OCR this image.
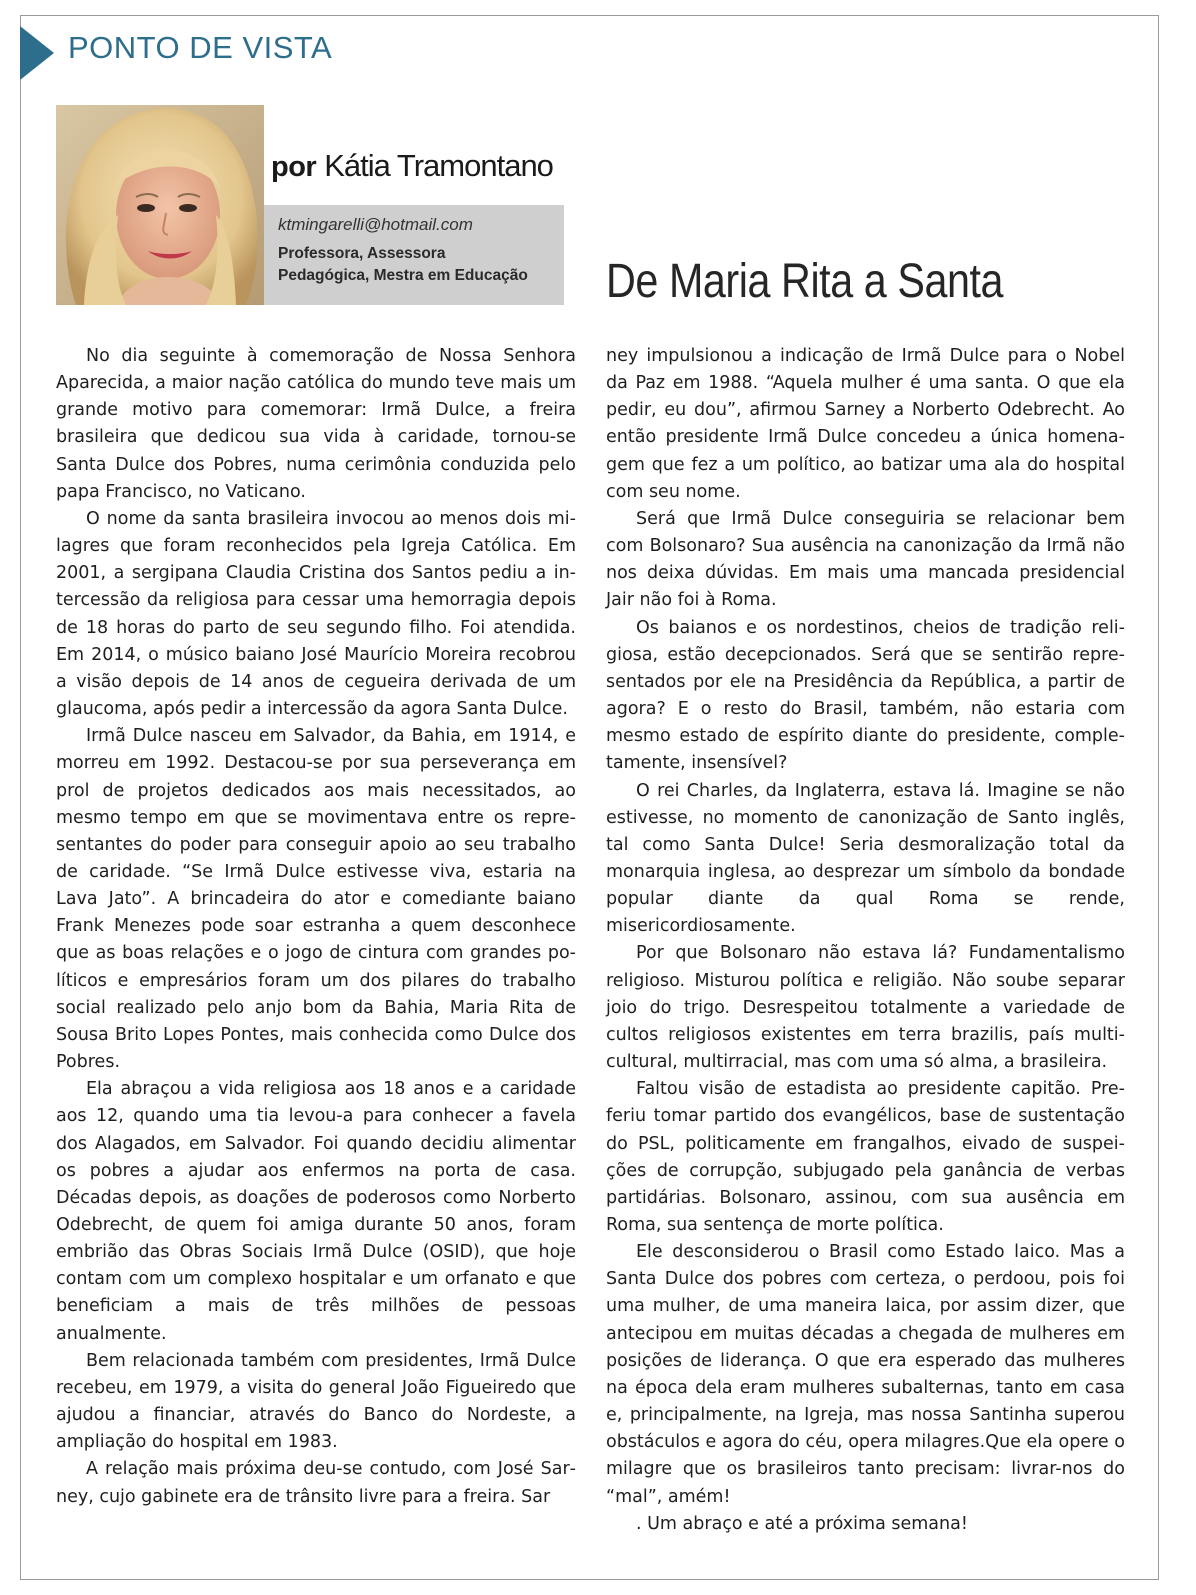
PONTO DE VISTA
por Kátia Tramontano
ktmingarelli@hotmail.com
Professora, Assessora
Pedagógica, Mestra em Educação	De Maria Rita a Santa

No dia seguinte à comemoração de Nossa Senhora Aparecida, a maior nação católica do mundo teve mais um grande motivo para comemorar: Irmã Dulce, a freira brasileira que dedicou sua vida à caridade, tornou-se Santa Dulce dos Pobres, numa cerimônia conduzida pelo papa Francisco, no Vaticano.

O nome da santa brasileira invocou ao menos dois milagres que foram reconhecidos pela Igreja Católica. Em 2001, a sergipana Claudia Cristina dos Santos pediu a intercessão da religiosa para cessar uma hemorragia depois de 18 horas do parto de seu segundo filho. Foi atendida. Em 2014, o músico baiano José Maurício Moreira recobrou a visão depois de 14 anos de cegueira derivada de um glaucoma, após pedir a intercessão da agora Santa Dulce.

Irmã Dulce nasceu em Salvador, da Bahia, em 1914, e morreu em 1992. Destacou-se por sua perseverança em prol de projetos dedicados aos mais necessitados, ao mesmo tempo em que se movimentava entre os representantes do poder para conseguir apoio ao seu trabalho de caridade. “Se Irmã Dulce estivesse viva, estaria na Lava Jato”. A brincadeira do ator e comediante baiano Frank Menezes pode soar estranha a quem desconhece que as boas relações e o jogo de cintura com grandes políticos e empresários foram um dos pilares do trabalho social realizado pelo anjo bom da Bahia, Maria Rita de Sousa Brito Lopes Pontes, mais conhecida como Dulce dos Pobres.

Ela abraçou a vida religiosa aos 18 anos e a caridade aos 12, quando uma tia levou-a para conhecer a favela dos Alagados, em Salvador. Foi quando decidiu alimentar os pobres a ajudar aos enfermos na porta de casa. Décadas depois, as doações de poderosos como Norberto Odebrecht, de quem foi amiga durante 50 anos, foram embrião das Obras Sociais Irmã Dulce (OSID), que hoje contam com um complexo hospitalar e um orfanato e que beneficiam a mais de três milhões de pessoas anualmente.

Bem relacionada também com presidentes, Irmã Dulce recebeu, em 1979, a visita do general João Figueiredo que ajudou a financiar, através do Banco do Nordeste, a ampliação do hospital em 1983.

A relação mais próxima deu-se contudo, com José Sarney, cujo gabinete era de trânsito livre para a freira. Sar

ney impulsionou a indicação de Irmã Dulce para o Nobel da Paz em 1988. “Aquela mulher é uma santa. O que ela pedir, eu dou”, afirmou Sarney a Norberto Odebrecht. Ao então presidente Irmã Dulce concedeu a única homenagem que fez a um político, ao batizar uma ala do hospital com seu nome.

Será que Irmã Dulce conseguiria se relacionar bem com Bolsonaro? Sua ausência na canonização da Irmã não nos deixa dúvidas. Em mais uma mancada presidencial Jair não foi à Roma.

Os baianos e os nordestinos, cheios de tradição religiosa, estão decepcionados. Será que se sentirão representados por ele na Presidência da República, a partir de agora? E o resto do Brasil, também, não estaria com mesmo estado de espírito diante do presidente, completamente, insensível?

O rei Charles, da Inglaterra, estava lá. Imagine se não estivesse, no momento de canonização de Santo inglês, tal como Santa Dulce! Seria desmoralização total da monarquia inglesa, ao desprezar um símbolo da bondade popular diante da qual Roma se rende, misericordiosamente.

Por que Bolsonaro não estava lá? Fundamentalismo religioso. Misturou política e religião. Não soube separar joio do trigo. Desrespeitou totalmente a variedade de cultos religiosos existentes em terra brazilis, país multicultural, multirracial, mas com uma só alma, a brasileira.

Faltou visão de estadista ao presidente capitão. Preferiu tomar partido dos evangélicos, base de sustentação do PSL, politicamente em frangalhos, eivado de suspeições de corrupção, subjugado pela ganância de verbas partidárias. Bolsonaro, assinou, com sua ausência em Roma, sua sentença de morte política.

Ele desconsiderou o Brasil como Estado laico. Mas a Santa Dulce dos pobres com certeza, o perdoou, pois foi uma mulher, de uma maneira laica, por assim dizer, que antecipou em muitas décadas a chegada de mulheres em posições de liderança. O que era esperado das mulheres na época dela eram mulheres subalternas, tanto em casa e, principalmente, na Igreja, mas nossa Santinha superou obstáculos e agora do céu, opera milagres.Que ela opere o milagre que os brasileiros tanto precisam: livrar-nos do “mal”, amém!

. Um abraço e até a próxima semana!
